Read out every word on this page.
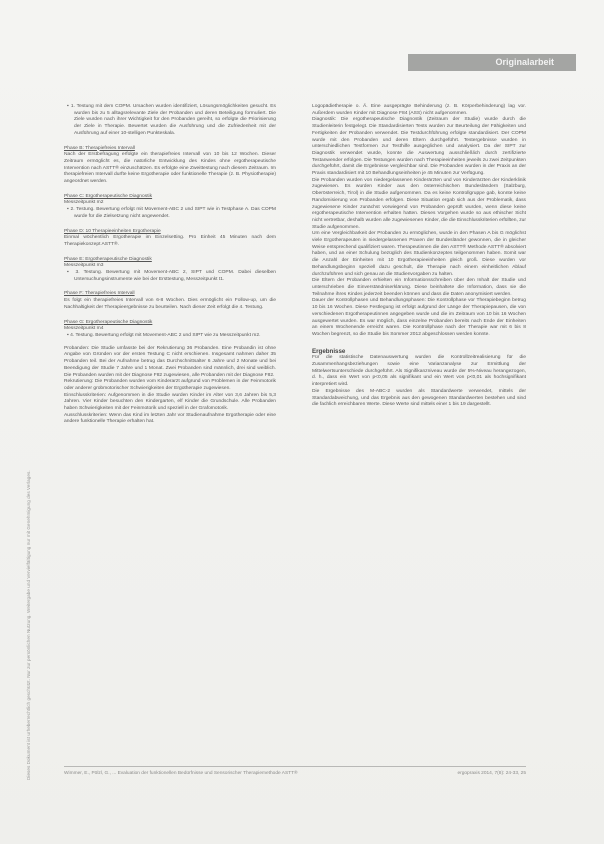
Dieses Dokument ist urheberrechtlich geschützt. Nur zur persönlichen Nutzung. Weitergabe und Vervielfältigung nur mit Genehmigung des Verlages.
Originalarbeit

▪ 1. Testung mit dem COPM. Ursachen wurden identifiziert, Lösungsmöglichkeiten gesucht. Es wurden bis zu 5 alltagsrelevante Ziele der Probanden und deren Beteiligung formuliert. Die Ziele wurden nach ihrer Wichtigkeit für den Probanden gereiht, so erfolgte die Priorisierung der Ziele in Therapie. Bewertet wurden die Ausführung und die Zufriedenheit mit der Ausführung auf einer 10-stelligen Punkteskala.

Phase B: Therapiefreies Intervall

Nach der Erstbefragung erfolgte ein therapiefreies Intervall von 10 bis 12 Wochen. Dieser Zeitraum ermöglicht es, die natürliche Entwicklung des Kindes ohne ergotherapeutische Intervention nach ASTT® einzuschätzen. Es erfolgte eine Zweittestung nach diesem Zeitraum. Im therapiefreien Intervall durfte keine Ergotherapie oder funktionelle Therapie (z. B. Physiotherapie) angeordnet werden.

Phase C: Ergotherapeutische Diagnostik
Messzeitpunkt m2

▪ 2. Testung. Bewertung erfolgt mit Movement-ABC 2 und SIPT wie in Testphase A. Das COPM wurde für die Zielsetzung nicht angewendet.

Phase D: 10 Therapieeinheiten Ergotherapie

Einmal wöchentlich Ergotherapie im Einzelsetting. Pro Einheit 45 Minuten nach dem Therapiekonzept ASTT®.

Phase E: Ergotherapeutische Diagnostik
Messzeitpunkt m3

▪ 3. Testung. Bewertung mit Movement-ABC 2, SIPT und COPM. Dabei dieselben Untersuchungsinstrumente wie bei der Ersttestung, Messzeitpunkt t1.

Phase F: Therapiefreies Intervall

Es folgt ein therapiefreies Intervall von 6-8 Wochen. Dies ermöglicht ein Follow-up, um die Nachhaltigkeit der Therapieergebnisse zu beurteilen. Nach dieser Zeit erfolgt die 4. Testung.

Phase G: Ergotherapeutische Diagnostik
Messzeitpunkt m4

▪ 4. Testung. Bewertung erfolgt mit Movement-ABC 2 und SIPT wie zu Messzeitpunkt m2.

Probanden: Die Studie umfasste bei der Rekrutierung 36 Probanden. Eine Probandin ist ohne Angabe von Gründen vor der ersten Testung C nicht erschienen. Insgesamt nahmen daher 35 Probanden teil. Bei der Aufnahme betrug das Durchschnittsalter 6 Jahre und 2 Monate und bei Beendigung der Studie 7 Jahre und 1 Monat. Zwei Probanden sind männlich, drei sind weiblich. Die Probanden wurden mit der Diagnose F82 zugewiesen, alle Probanden mit der Diagnose F82.

Rekrutierung: Die Probanden wurden vom Kinderarzt aufgrund von Problemen in der Feinmotorik oder anderer grobmotorischer Schwierigkeiten der Ergotherapie zugewiesen.

Einschlusskriterien: Aufgenommen in die Studie wurden Kinder im Alter von 3,6 Jahren bis 5,3 Jahren. Vier Kinder besuchten den Kindergarten, elf Kinder die Grundschule. Alle Probanden haben Schwierigkeiten mit der Feinmotorik und speziell in der Grafomotorik.

Ausschlusskriterien: Wenn das Kind im letzten Jahr vor Studienaufnahme Ergotherapie oder eine andere funktionelle Therapie erhalten hat.

Logopädietherapie o. Ä. Eine ausgeprägte Behinderung (z. B. Körperbehinderung) lag vor. Außerdem wurden Kinder mit Diagnose F84 (ASS) nicht aufgenommen.

Diagnostik: Die ergotherapeutische Diagnostik (Zeitraum der Studie) wurde durch die Studienleiterin festgelegt. Die Standardisierten Tests wurden zur Beurteilung der Fähigkeiten und Fertigkeiten der Probanden verwendet. Die Testdurchführung erfolgte standardisiert. Der COPM wurde mit den Probanden und deren Eltern durchgeführt. Testergebnisse wurden in unterschiedlichen Testformen zur Testhilfe ausgeglichen und analysiert. Da der SIPT zur Diagnostik verwendet wurde, konnte die Auswertung ausschließlich durch zertifizierte Testanwender erfolgen. Die Testungen wurden nach Therapieeinheiten jeweils zu zwei Zeitpunkten durchgeführt, damit die Ergebnisse vergleichbar sind. Die Probanden wurden in der Praxis an der Praxis standardisiert mit 10 Behandlungseinheiten je 45 Minuten zur Verfügung.

Die Probanden wurden von niedergelassenen Kinderärzten und von Kinderärzten der Kinderklinik zugewiesen. Es wurden Kinder aus den österreichischen Bundesländern (Salzburg, Oberösterreich, Tirol) in die Studie aufgenommen. Da es keine Kontrollgruppe gab, konnte keine Randomisierung von Probanden erfolgen. Diese Situation ergab sich aus der Problematik, dass zugewiesene Kinder zunächst vorwiegend von Probanden geprüft wurden, wenn diese keine ergotherapeutische Intervention erhalten hatten. Dieses Vorgehen wurde so aus ethischer Sicht nicht vertretbar, deshalb wurden alle zugewiesenen Kinder, die die Einschlusskriterien erfüllten, zur Studie aufgenommen.

Um eine Vergleichbarkeit der Probanden zu ermöglichen, wurde in den Phasen A bis G möglichst viele Ergotherapeuten in niedergelassenen Praxen der Bundesländer gewonnen, die in gleicher Weise entsprechend qualifiziert waren. Therapeutinnen die den ASTT® Methode ASTT® absolviert haben, und an einer Schulung bezüglich des Studienkonzeptes teilgenommen haben. Somit war die Anzahl der Einheiten mit 10 Ergotherapieeinheiten gleich groß. Diese wurden vor Behandlungsbeginn speziell dazu geschult, die Therapie nach einem einheitlichen Ablauf durchzuführen und sich genau an die Studienvorgaben zu halten.

Die Eltern der Probanden erhielten ein Informationsschreiben über den Inhalt der Studie und unterschrieben die Einverständniserklärung. Diese beinhaltete die Information, dass sie die Teilnahme ihres Kindes jederzeit beenden können und dass die Daten anonymisiert werden.

Dauer der Kontrollphasen und Behandlungsphasen: Die Kontrollphase vor Therapiebeginn betrug 10 bis 16 Wochen. Diese Festlegung ist erfolgt aufgrund der Länge der Therapiepausen, die von verschiedenen Ergotherapeutinnen angegeben wurde und die im Zeitraum von 10 bis 16 Wochen ausgewertet wurden. Es war möglich, dass einzelne Probanden bereits nach Ende der Einheiten an einem Wochenende erreicht waren. Die Kontrollphase nach der Therapie war mit 6 bis 8 Wochen begrenzt, so die Studie bis Sommer 2012 abgeschlossen werden konnte.

Ergebnisse

Für die statistische Datenauswertung wurden die Kontrollzeitrealisierung für die Zusammenhangsbeziehungen sowie eine Varianzanalyse zur Ermittlung der Mittelwertsunterschiede durchgeführt. Als Signifikanzniveau wurde der 5%-Niveau herangezogen, d. h., dass ein Wert von p<0,05 als signifikant und ein Wert von p<0,01 als hochsignifikant interpretiert wird.

Die Ergebnisse des M-ABC-2 wurden als Standardwerte verwendet, mittels der Standardabweichung, und das Ergebnis aus den gewogenen Standardwerten bestehen und sind die fachlich erreichbaren Werte. Diese Werte sind mittels einer 1 bis 19 dargestellt.

Wimmer, E., Pölzl, G., ... Evaluation der funktionellen Bedürfnisse und Sensorischer Therapiemethode ASTT®	ergopraxis 2014, 7(8): 24-33, 25
